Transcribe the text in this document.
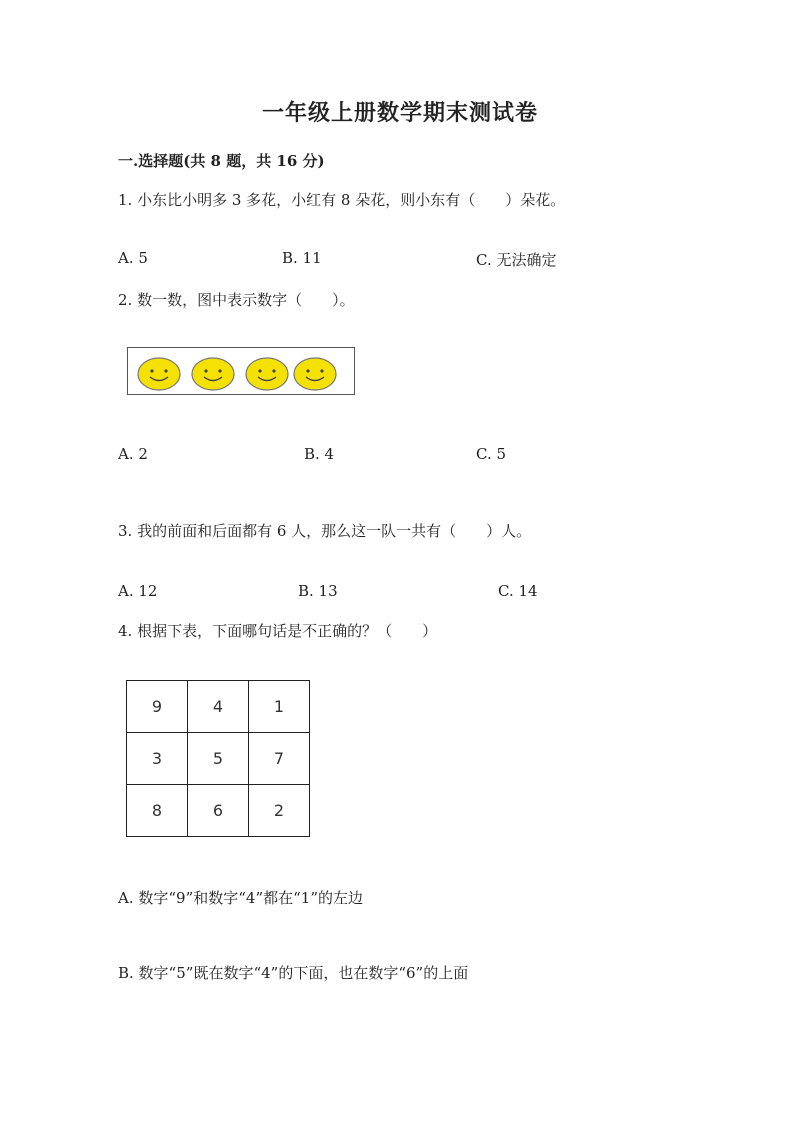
一年级上册数学期末测试卷
一.选择题(共 8 题，共 16 分)
1. 小东比小明多 3 多花，小红有 8 朵花，则小东有（　　）朵花。
A. 5	B. 11	C. 无法确定
2. 数一数，图中表示数字（　　）。
A. 2	B. 4	C. 5
3. 我的前面和后面都有 6 人，那么这一队一共有（　　）人。
A. 12	B. 13	C. 14
4. 根据下表，下面哪句话是不正确的？（　　）
9	4	1
3	5	7
8	6	2
A. 数字“9”和数字“4”都在“1”的左边
B. 数字“5”既在数字“4”的下面，也在数字“6”的上面
